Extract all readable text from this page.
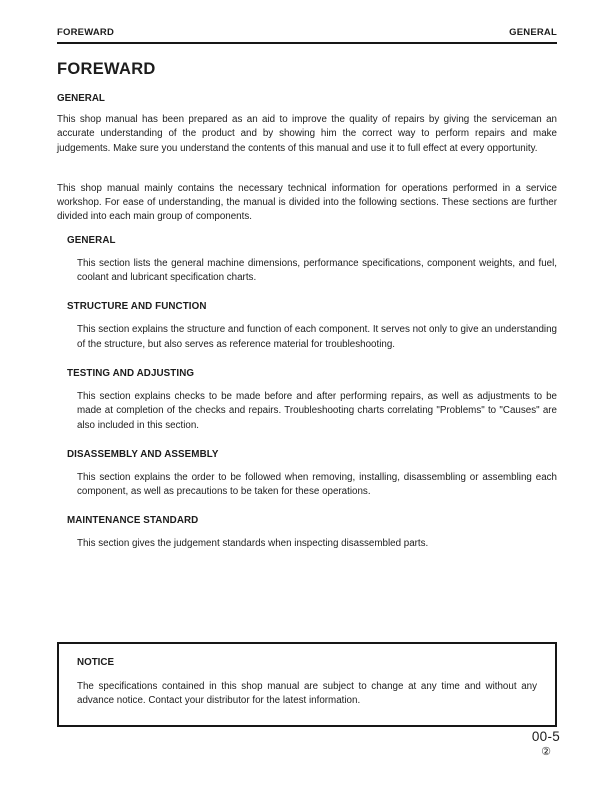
FOREWARD	GENERAL
FOREWARD
GENERAL

This shop manual has been prepared as an aid to improve the quality of repairs by giving the serviceman an accurate understanding of the product and by showing him the correct way to perform repairs and make judgements. Make sure you understand the contents of this manual and use it to full effect at every opportunity.

This shop manual mainly contains the necessary technical information for operations performed in a service workshop. For ease of understanding, the manual is divided into the following sections. These sections are further divided into each main group of components.

GENERAL

This section lists the general machine dimensions, performance specifications, component weights, and fuel, coolant and lubricant specification charts.

STRUCTURE AND FUNCTION

This section explains the structure and function of each component. It serves not only to give an understanding of the structure, but also serves as reference material for troubleshooting.

TESTING AND ADJUSTING

This section explains checks to be made before and after performing repairs, as well as adjustments to be made at completion of the checks and repairs. Troubleshooting charts correlating "Problems" to "Causes" are also included in this section.

DISASSEMBLY AND ASSEMBLY

This section explains the order to be followed when removing, installing, disassembling or assembling each component, as well as precautions to be taken for these operations.

MAINTENANCE STANDARD

This section gives the judgement standards when inspecting disassembled parts.

NOTICE

The specifications contained in this shop manual are subject to change at any time and without any advance notice. Contact your distributor for the latest information.

00-5
②
